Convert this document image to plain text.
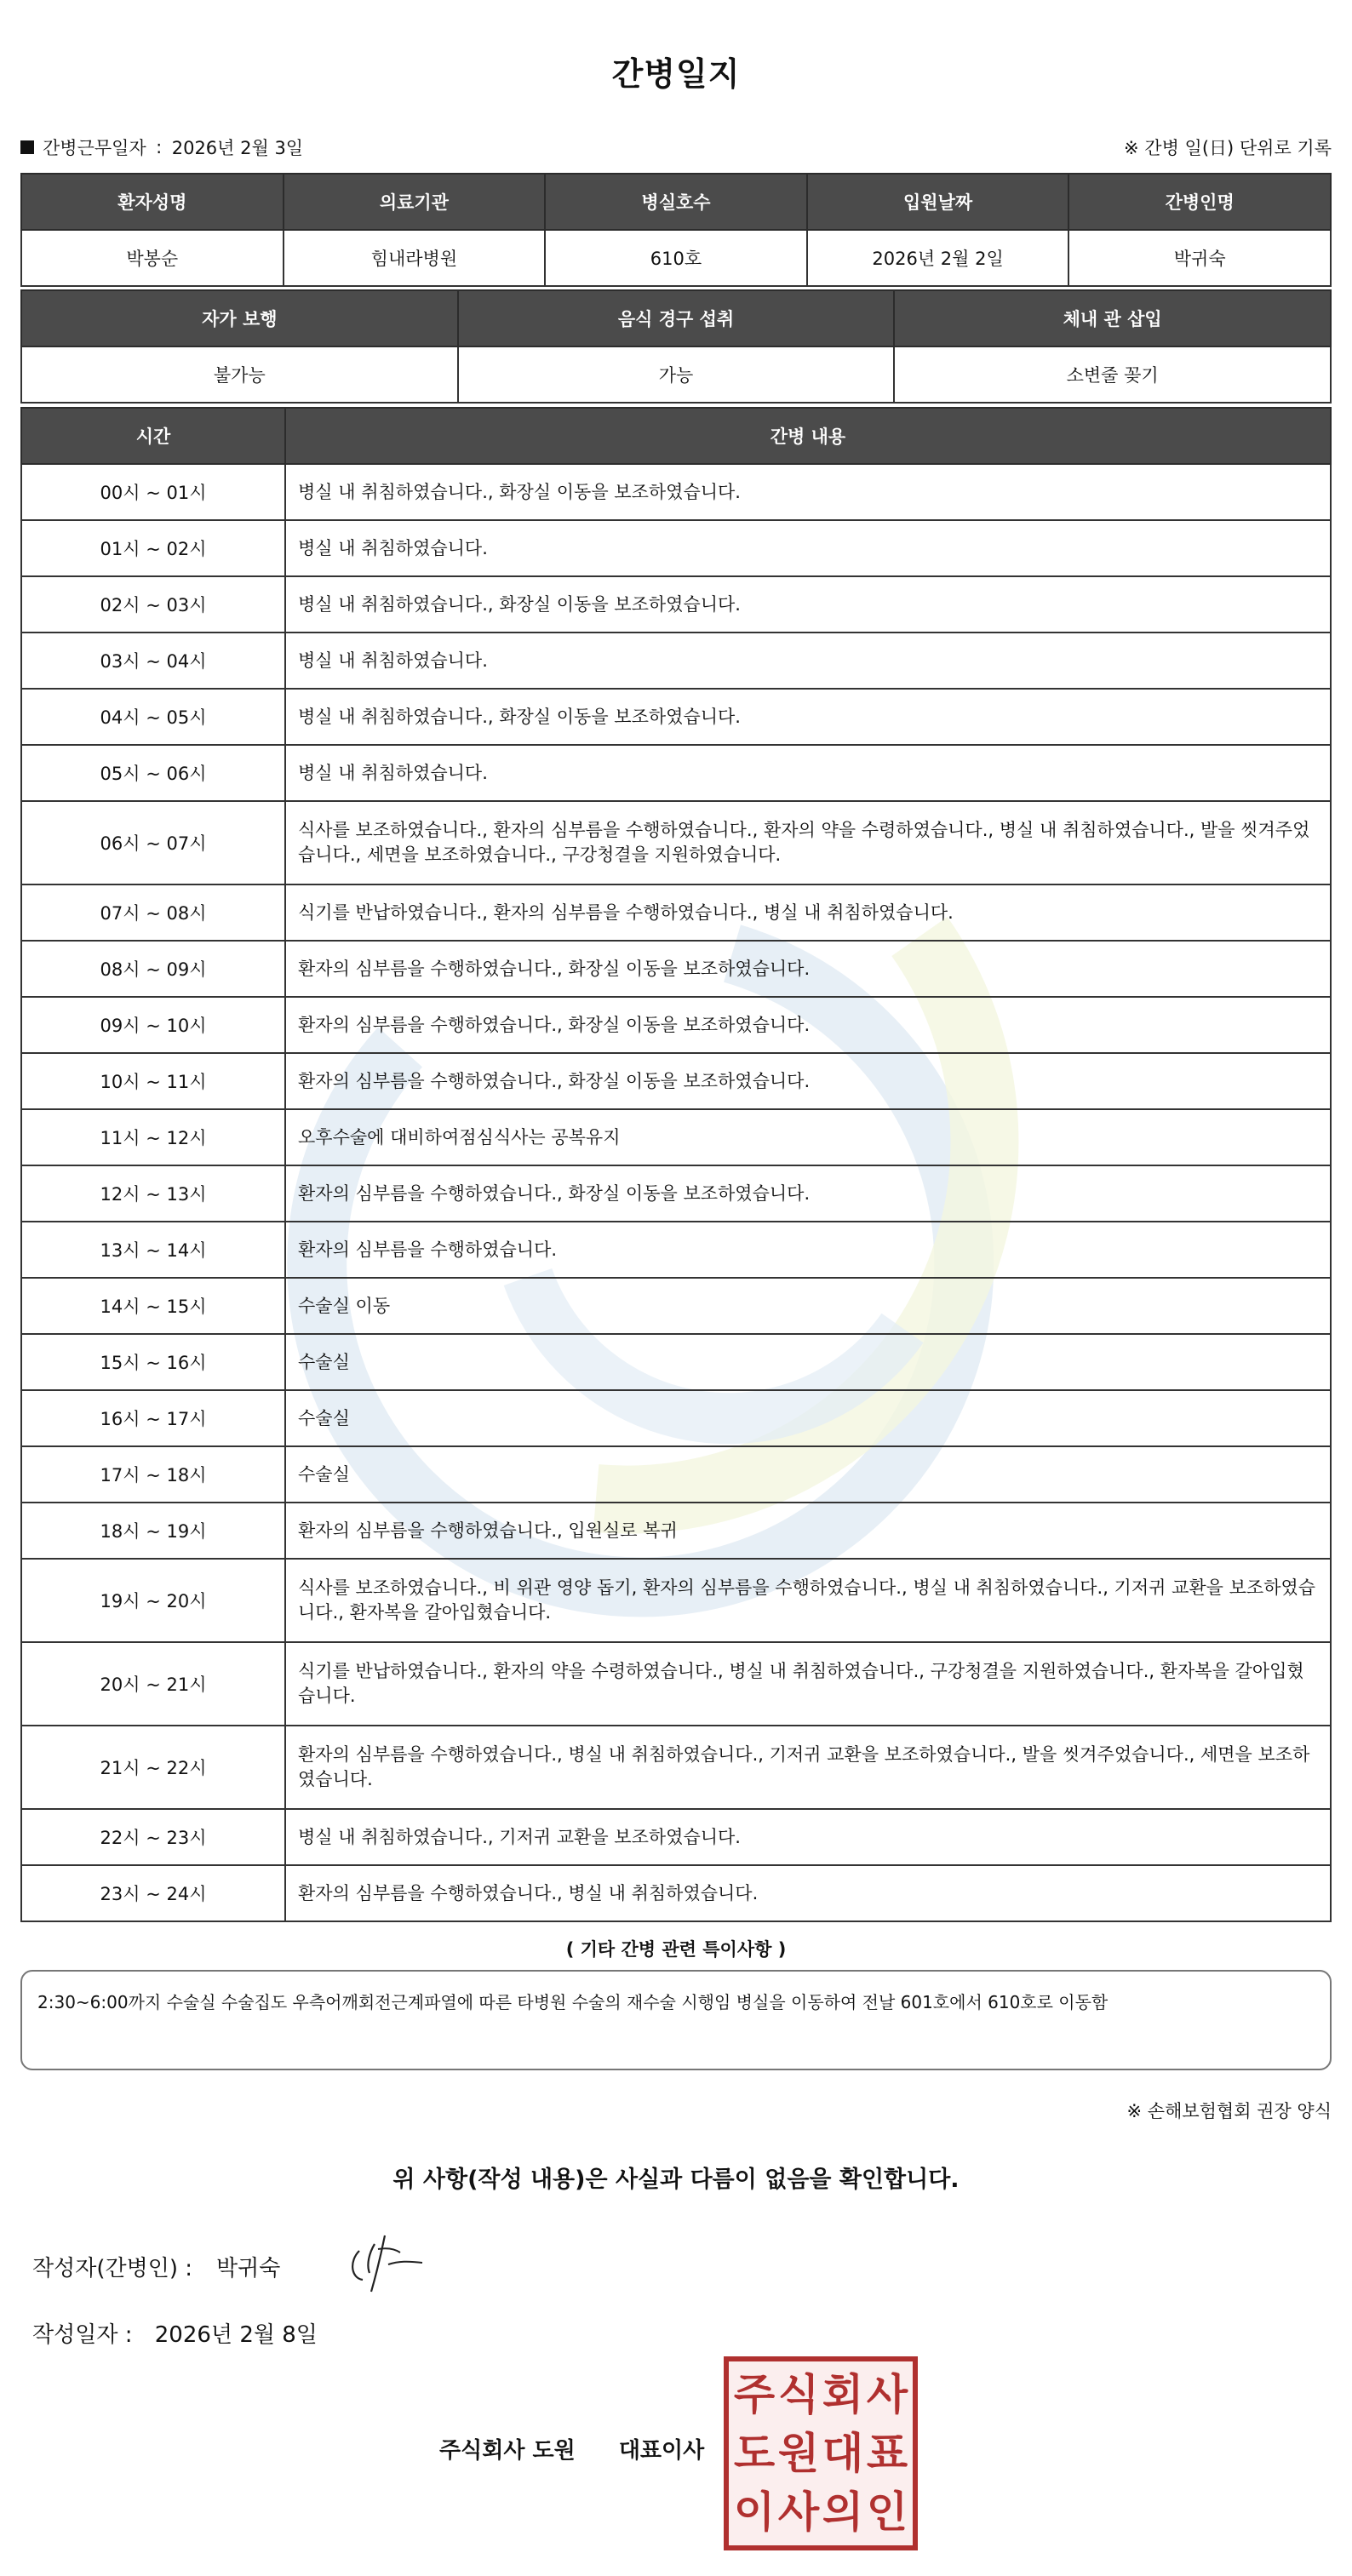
간병일지
간병근무일자 : 2026년 2월 3일	※ 간병 일(日) 단위로 기록
환자성명	의료기관	병실호수	입원날짜	간병인명
박봉순	힘내라병원	610호	2026년 2월 2일	박귀숙
자가 보행	음식 경구 섭취	체내 관 삽입
불가능	가능	소변줄 꽂기
시간	간병 내용
00시 ~ 01시	병실 내 취침하였습니다., 화장실 이동을 보조하였습니다.
01시 ~ 02시	병실 내 취침하였습니다.
02시 ~ 03시	병실 내 취침하였습니다., 화장실 이동을 보조하였습니다.
03시 ~ 04시	병실 내 취침하였습니다.
04시 ~ 05시	병실 내 취침하였습니다., 화장실 이동을 보조하였습니다.
05시 ~ 06시	병실 내 취침하였습니다.
06시 ~ 07시	식사를 보조하였습니다., 환자의 심부름을 수행하였습니다., 환자의 약을 수령하였습니다., 병실 내 취침하였습니다., 발을 씻겨주었습니다., 세면을 보조하였습니다., 구강청결을 지원하였습니다.
07시 ~ 08시	식기를 반납하였습니다., 환자의 심부름을 수행하였습니다., 병실 내 취침하였습니다.
08시 ~ 09시	환자의 심부름을 수행하였습니다., 화장실 이동을 보조하였습니다.
09시 ~ 10시	환자의 심부름을 수행하였습니다., 화장실 이동을 보조하였습니다.
10시 ~ 11시	환자의 심부름을 수행하였습니다., 화장실 이동을 보조하였습니다.
11시 ~ 12시	오후수술에 대비하여점심식사는 공복유지
12시 ~ 13시	환자의 심부름을 수행하였습니다., 화장실 이동을 보조하였습니다.
13시 ~ 14시	환자의 심부름을 수행하였습니다.
14시 ~ 15시	수술실 이동
15시 ~ 16시	수술실
16시 ~ 17시	수술실
17시 ~ 18시	수술실
18시 ~ 19시	환자의 심부름을 수행하였습니다., 입원실로 복귀
19시 ~ 20시	식사를 보조하였습니다., 비 위관 영양 돕기, 환자의 심부름을 수행하였습니다., 병실 내 취침하였습니다., 기저귀 교환을 보조하였습니다., 환자복을 갈아입혔습니다.
20시 ~ 21시	식기를 반납하였습니다., 환자의 약을 수령하였습니다., 병실 내 취침하였습니다., 구강청결을 지원하였습니다., 환자복을 갈아입혔습니다.
21시 ~ 22시	환자의 심부름을 수행하였습니다., 병실 내 취침하였습니다., 기저귀 교환을 보조하였습니다., 발을 씻겨주었습니다., 세면을 보조하였습니다.
22시 ~ 23시	병실 내 취침하였습니다., 기저귀 교환을 보조하였습니다.
23시 ~ 24시	환자의 심부름을 수행하였습니다., 병실 내 취침하였습니다.
( 기타 간병 관련 특이사항 )
2:30~6:00까지 수술실 수술집도 우측어깨회전근계파열에 따른 타병원 수술의 재수술 시행임 병실을 이동하여 전날 601호에서 610호로 이동함
※ 손해보험협회 권장 양식
위 사항(작성 내용)은 사실과 다름이 없음을 확인합니다.
작성자(간병인) : 박귀숙
작성일자 : 2026년 2월 8일
주식회사 도원 대표이사
주 식 회 사
도 원 대 표
이 사 의 인
